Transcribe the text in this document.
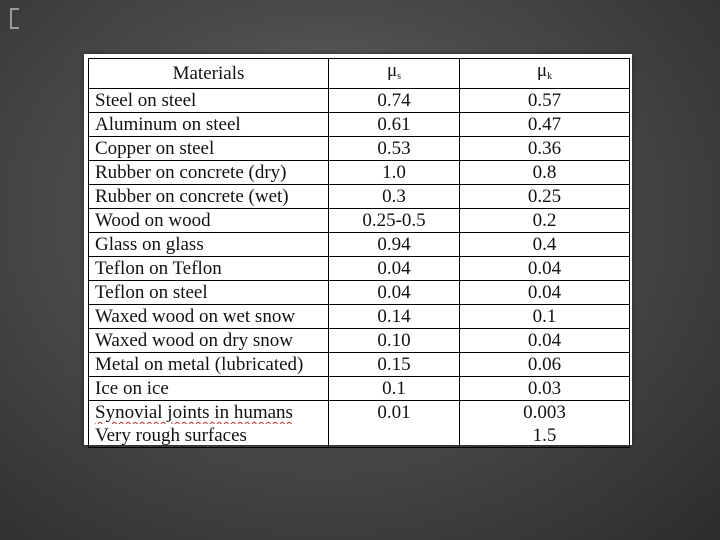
Materials	$\mu_s$	$\mu_k$
Steel on steel	0.74	0.57
Aluminum on steel	0.61	0.47
Copper on steel	0.53	0.36
Rubber on concrete (dry)	1.0	0.8
Rubber on concrete (wet)	0.3	0.25
Wood on wood	0.25-0.5	0.2
Glass on glass	0.94	0.4
Teflon on Teflon	0.04	0.04
Teflon on steel	0.04	0.04
Waxed wood on wet snow	0.14	0.1
Waxed wood on dry snow	0.10	0.04
Metal on metal (lubricated)	0.15	0.06
Ice on ice	0.1	0.03
Synovial joints in humans	0.01	0.003
Very rough surfaces		1.5
